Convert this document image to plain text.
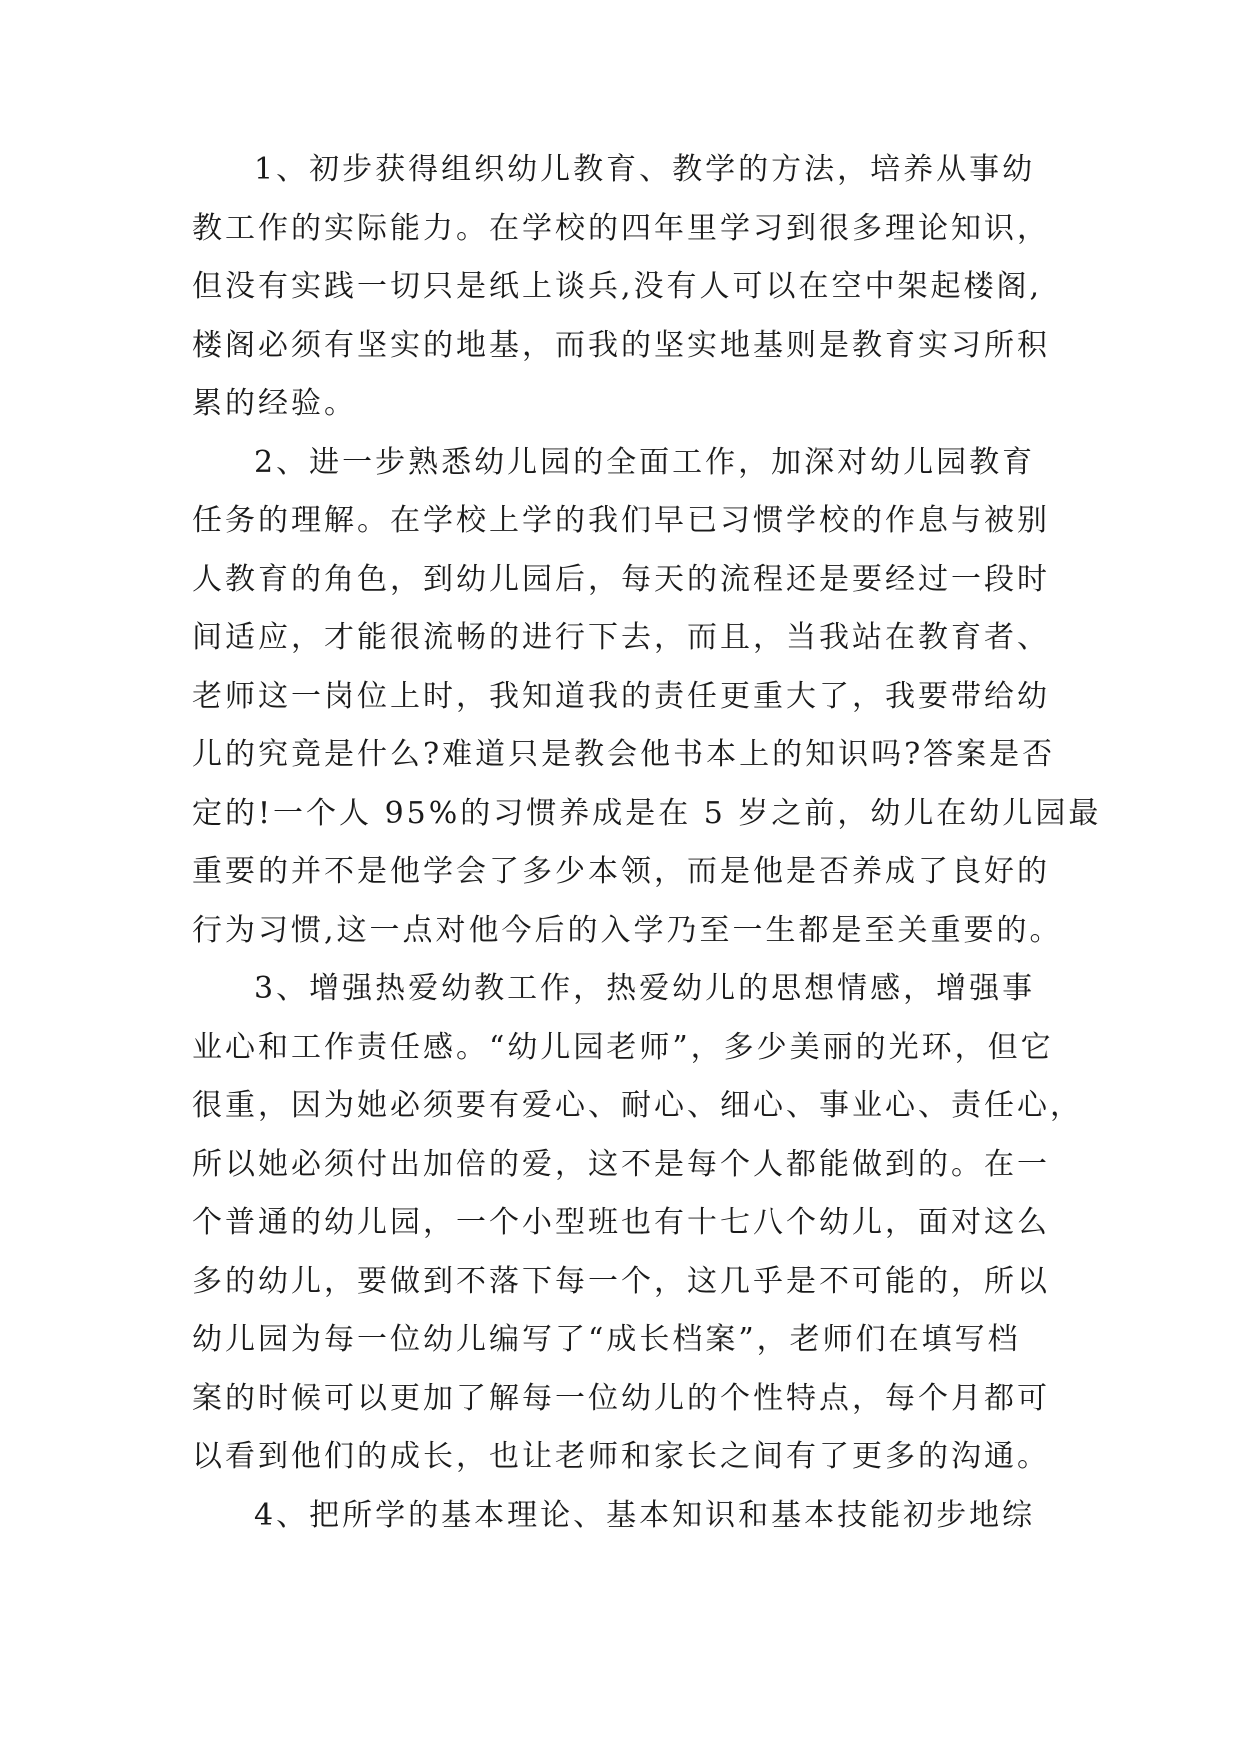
1、初步获得组织幼儿教育、教学的方法，培养从事幼
教工作的实际能力。在学校的四年里学习到很多理论知识，
但没有实践一切只是纸上谈兵,没有人可以在空中架起楼阁,
楼阁必须有坚实的地基，而我的坚实地基则是教育实习所积
累的经验。
2、进一步熟悉幼儿园的全面工作，加深对幼儿园教育
任务的理解。在学校上学的我们早已习惯学校的作息与被别
人教育的角色，到幼儿园后，每天的流程还是要经过一段时
间适应，才能很流畅的进行下去，而且，当我站在教育者、
老师这一岗位上时，我知道我的责任更重大了，我要带给幼
儿的究竟是什么?难道只是教会他书本上的知识吗?答案是否
定的!一个人 95%的习惯养成是在 5 岁之前，幼儿在幼儿园最
重要的并不是他学会了多少本领，而是他是否养成了良好的
行为习惯,这一点对他今后的入学乃至一生都是至关重要的。
3、增强热爱幼教工作，热爱幼儿的思想情感，增强事
业心和工作责任感。“幼儿园老师”，多少美丽的光环，但它
很重，因为她必须要有爱心、耐心、细心、事业心、责任心，
所以她必须付出加倍的爱，这不是每个人都能做到的。在一
个普通的幼儿园，一个小型班也有十七八个幼儿，面对这么
多的幼儿，要做到不落下每一个，这几乎是不可能的，所以
幼儿园为每一位幼儿编写了“成长档案”，老师们在填写档
案的时候可以更加了解每一位幼儿的个性特点，每个月都可
以看到他们的成长，也让老师和家长之间有了更多的沟通。
4、把所学的基本理论、基本知识和基本技能初步地综
